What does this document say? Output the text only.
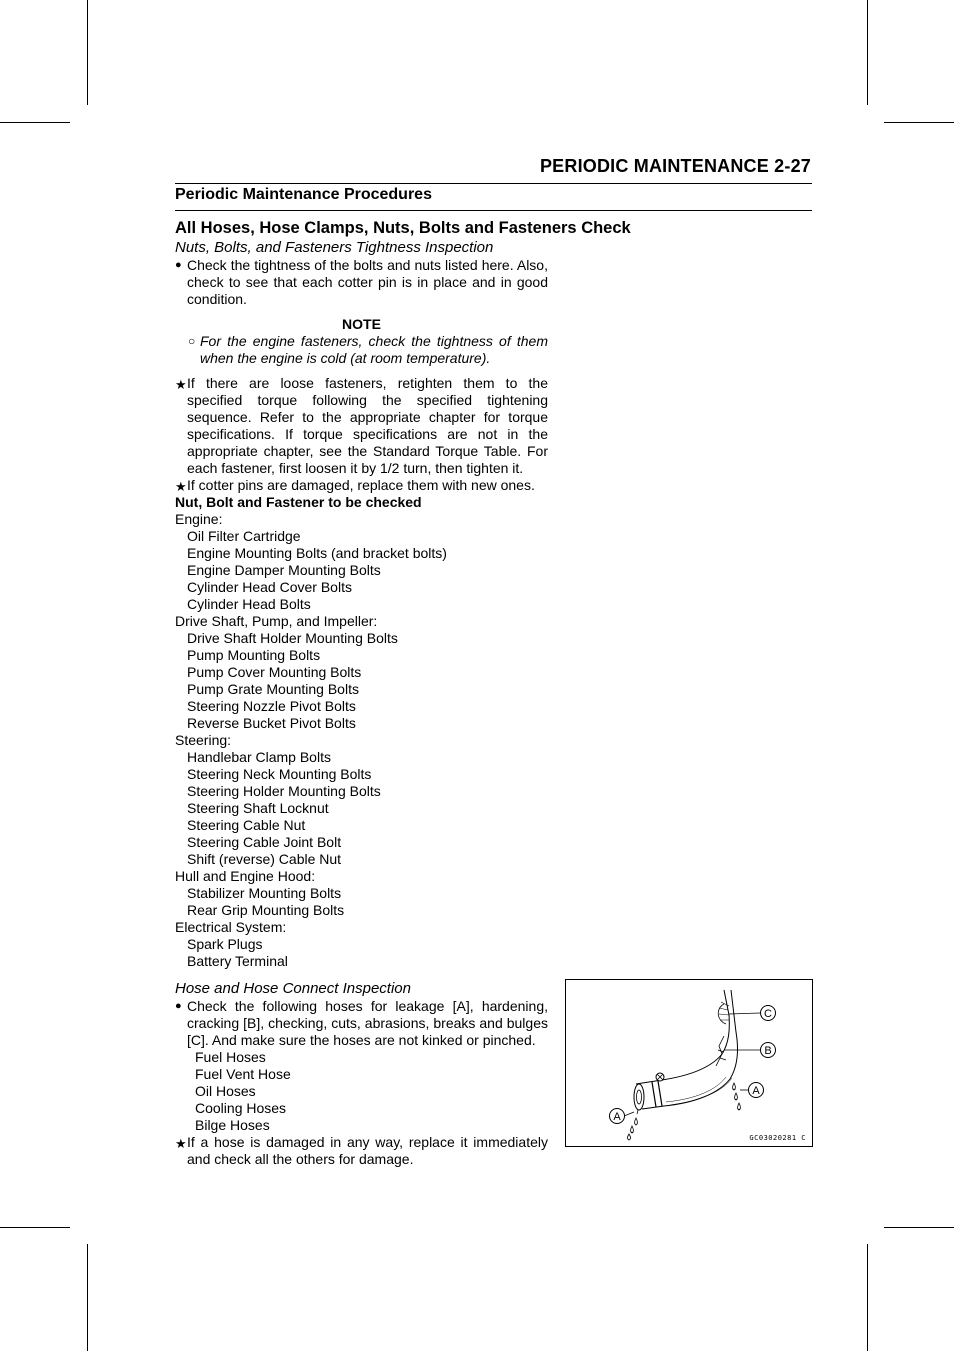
PERIODIC MAINTENANCE 2-27
Periodic Maintenance Procedures
All Hoses, Hose Clamps, Nuts, Bolts and Fasteners Check
Nuts, Bolts, and Fasteners Tightness Inspection
● Check the tightness of the bolts and nuts listed here. Also, check to see that each cotter pin is in place and in good condition.
NOTE
○ For the engine fasteners, check the tightness of them when the engine is cold (at room temperature).
★ If there are loose fasteners, retighten them to the specified torque following the specified tightening sequence. Refer to the appropriate chapter for torque specifications. If torque specifications are not in the appropriate chapter, see the Standard Torque Table. For each fastener, first loosen it by 1/2 turn, then tighten it.
★ If cotter pins are damaged, replace them with new ones.
Nut, Bolt and Fastener to be checked
Engine:
Oil Filter Cartridge
Engine Mounting Bolts (and bracket bolts)
Engine Damper Mounting Bolts
Cylinder Head Cover Bolts
Cylinder Head Bolts
Drive Shaft, Pump, and Impeller:
Drive Shaft Holder Mounting Bolts
Pump Mounting Bolts
Pump Cover Mounting Bolts
Pump Grate Mounting Bolts
Steering Nozzle Pivot Bolts
Reverse Bucket Pivot Bolts
Steering:
Handlebar Clamp Bolts
Steering Neck Mounting Bolts
Steering Holder Mounting Bolts
Steering Shaft Locknut
Steering Cable Nut
Steering Cable Joint Bolt
Shift (reverse) Cable Nut
Hull and Engine Hood:
Stabilizer Mounting Bolts
Rear Grip Mounting Bolts
Electrical System:
Spark Plugs
Battery Terminal
Hose and Hose Connect Inspection
● Check the following hoses for leakage [A], hardening, cracking [B], checking, cuts, abrasions, breaks and bulges [C]. And make sure the hoses are not kinked or pinched.
Fuel Hoses
Fuel Vent Hose
Oil Hoses
Cooling Hoses
Bilge Hoses
★ If a hose is damaged in any way, replace it immediately and check all the others for damage.
C
B
A
A
GC03020281 C
